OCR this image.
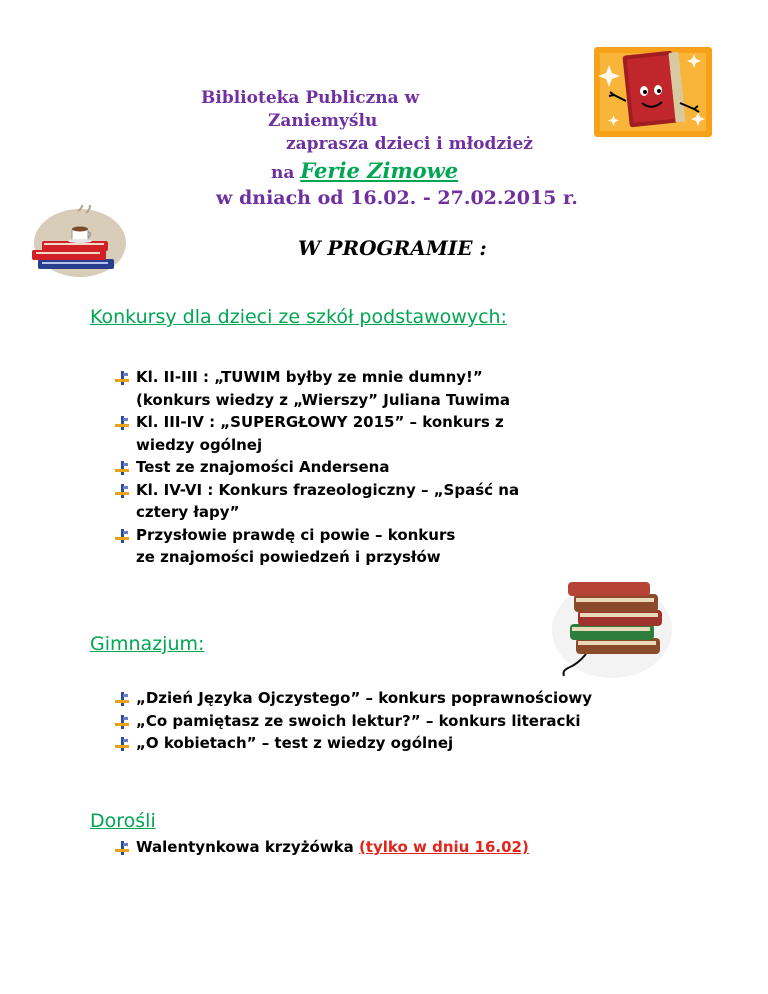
Biblioteka Publiczna w
Zaniemyślu
zaprasza dzieci i młodzież
na Ferie Zimowe
w dniach od 16.02. - 27.02.2015 r.
W PROGRAMIE :
Konkursy dla dzieci ze szkół podstawowych:
Kl. II-III : „TUWIM byłby ze mnie dumny!”
(konkurs wiedzy z „Wierszy” Juliana Tuwima
Kl. III-IV : „SUPERGŁOWY 2015” – konkurs z
wiedzy ogólnej
Test ze znajomości Andersena
Kl. IV-VI : Konkurs frazeologiczny – „Spaść na
cztery łapy”
Przysłowie prawdę ci powie – konkurs
ze znajomości powiedzeń i przysłów
Gimnazjum:
„Dzień Języka Ojczystego” – konkurs poprawnościowy
„Co pamiętasz ze swoich lektur?” – konkurs literacki
„O kobietach” – test z wiedzy ogólnej
Dorośli
Walentynkowa krzyżówka (tylko w dniu 16.02)
